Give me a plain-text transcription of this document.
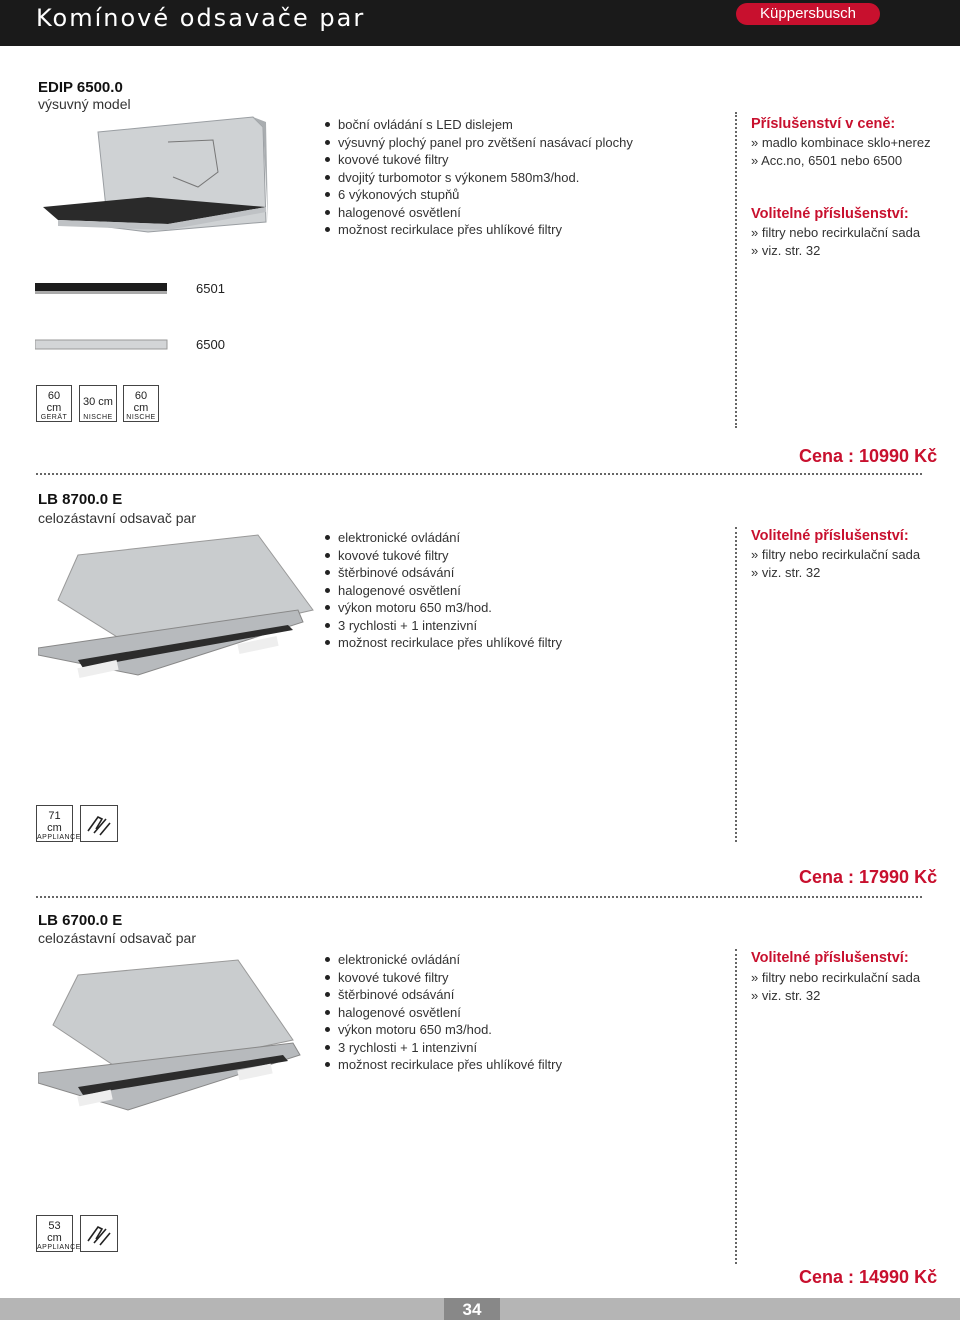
Komínové odsavače par	Küppersbusch
EDIP 6500.0
výsuvný model
6501
6500
60
cm
GERÄT
30 cm
NISCHE
60
cm
NISCHE
boční ovládání s LED dislejem
výsuvný plochý panel pro zvětšení nasávací plochy
kovové tukové filtry
dvojitý turbomotor s výkonem 580m3/hod.
6 výkonových stupňů
halogenové osvětlení
možnost recirkulace přes uhlíkové filtry
Příslušenství v ceně:
» madlo kombinace sklo+nerez
» Acc.no, 6501 nebo 6500
Volitelné příslušenství:
» filtry nebo recirkulační sada
» viz. str. 32
Cena : 10990 Kč
LB 8700.0 E
celozástavní odsavač par
elektronické ovládání
kovové tukové filtry
štěrbinové odsávání
halogenové osvětlení
výkon motoru 650 m3/hod.
3 rychlosti + 1 intenzivní
možnost recirkulace přes uhlíkové filtry
Volitelné příslušenství:
» filtry nebo recirkulační sada
» viz. str. 32
71
cm
APPLIANCE
Cena : 17990 Kč
LB 6700.0 E
celozástavní odsavač par
elektronické ovládání
kovové tukové filtry
štěrbinové odsávání
halogenové osvětlení
výkon motoru 650 m3/hod.
3 rychlosti + 1 intenzivní
možnost recirkulace přes uhlíkové filtry
Volitelné příslušenství:
» filtry nebo recirkulační sada
» viz. str. 32
53
cm
APPLIANCE
Cena : 14990 Kč
34
